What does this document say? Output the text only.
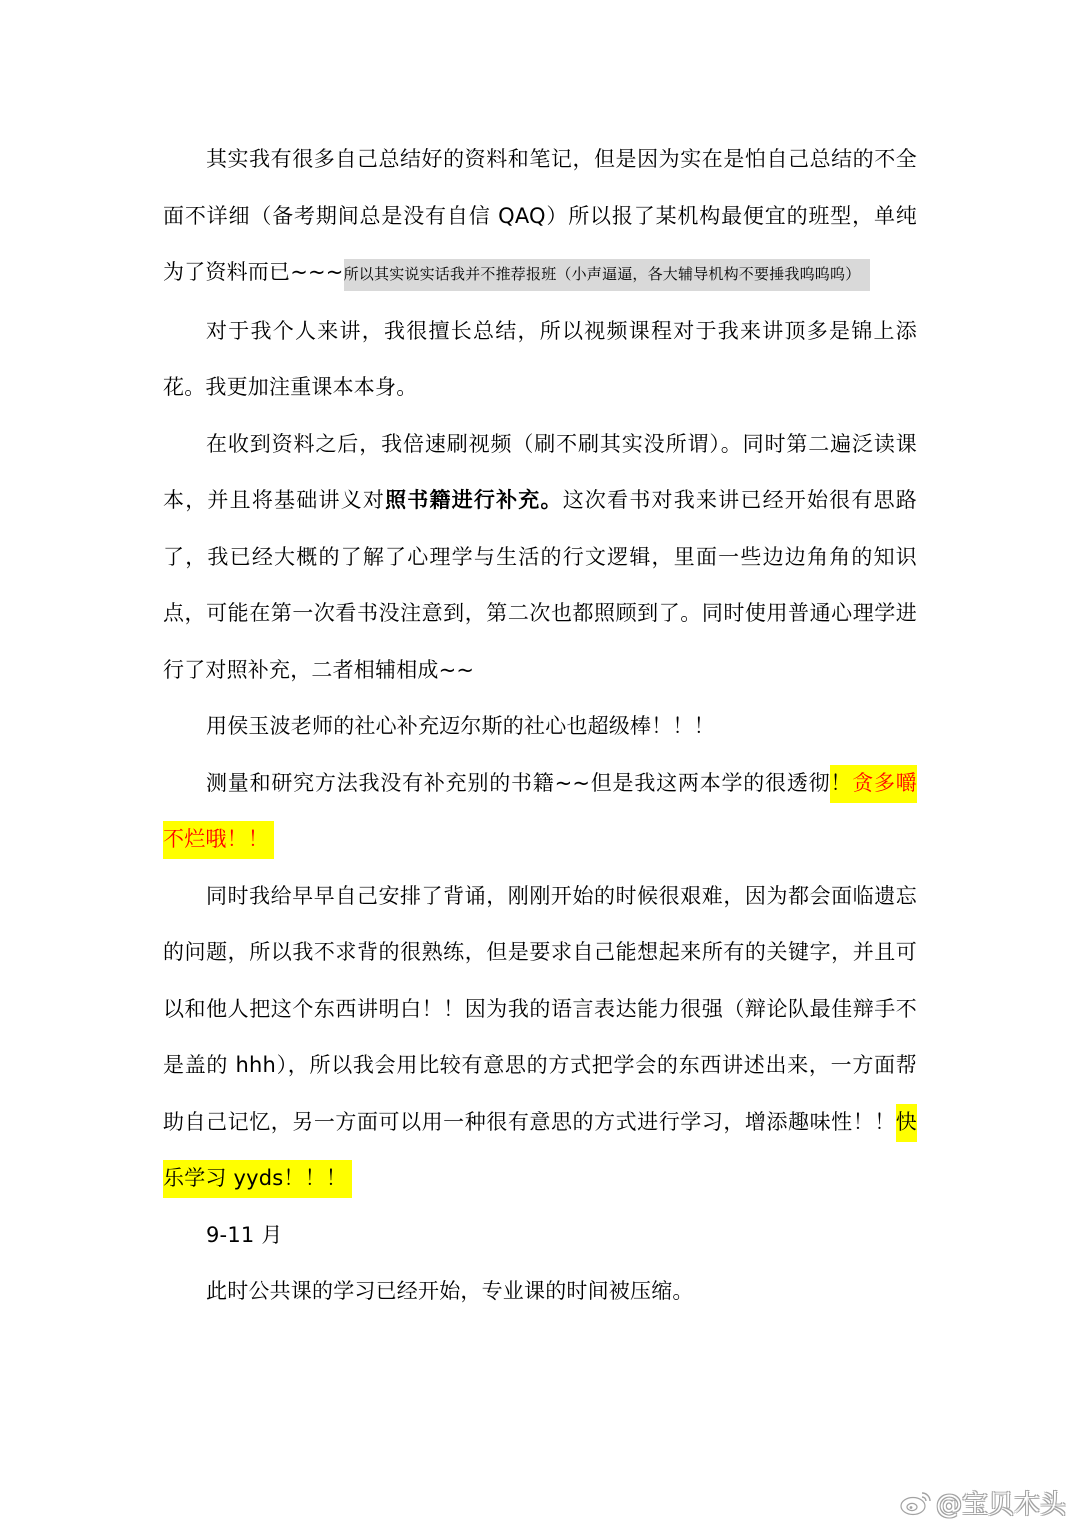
其实我有很多自己总结好的资料和笔记，但是因为实在是怕自己总结的不全面不详细（备考期间总是没有自信 QAQ）所以报了某机构最便宜的班型，单纯为了资料而已~~~所以其实说实话我并不推荐报班（小声逼逼，各大辅导机构不要捶我呜呜呜）

对于我个人来讲，我很擅长总结，所以视频课程对于我来讲顶多是锦上添花。我更加注重课本本身。

在收到资料之后，我倍速刷视频（刷不刷其实没所谓）。同时第二遍泛读课本，并且将基础讲义对照书籍进行补充。这次看书对我来讲已经开始很有思路了，我已经大概的了解了心理学与生活的行文逻辑，里面一些边边角角的知识点，可能在第一次看书没注意到，第二次也都照顾到了。同时使用普通心理学进行了对照补充，二者相辅相成~~

用侯玉波老师的社心补充迈尔斯的社心也超级棒！！！

测量和研究方法我没有补充别的书籍~~但是我这两本学的很透彻！贪多嚼不烂哦！！

同时我给早早自己安排了背诵，刚刚开始的时候很艰难，因为都会面临遗忘的问题，所以我不求背的很熟练，但是要求自己能想起来所有的关键字，并且可以和他人把这个东西讲明白！！因为我的语言表达能力很强（辩论队最佳辩手不是盖的 hhh），所以我会用比较有意思的方式把学会的东西讲述出来，一方面帮助自己记忆，另一方面可以用一种很有意思的方式进行学习，增添趣味性！！快乐学习 yyds！！！

9-11 月

此时公共课的学习已经开始，专业课的时间被压缩。

@宝贝木头
